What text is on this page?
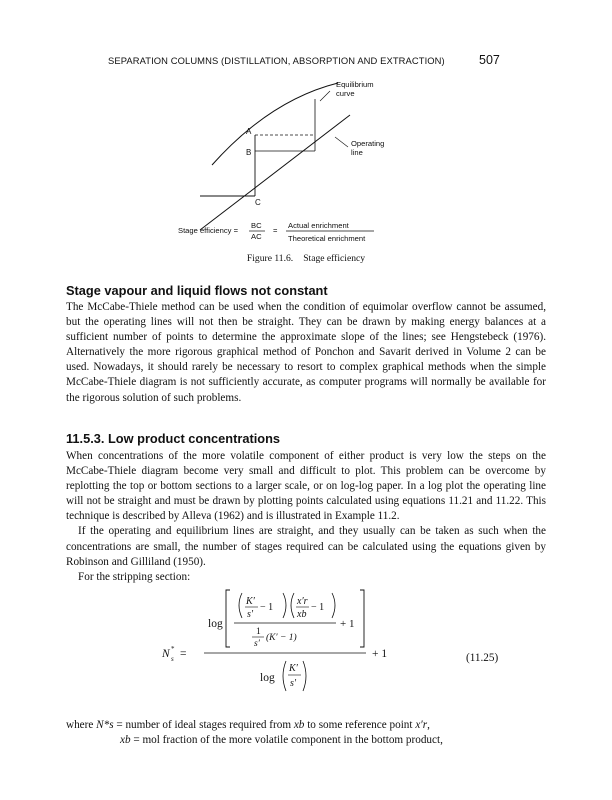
SEPARATION COLUMNS (DISTILLATION, ABSORPTION AND EXTRACTION)	507
Equilibrium
curve
Operating
line
A
B
C
Stage efficiency =
BC
AC
=
Actual enrichment
Theoretical enrichment
Figure 11.6. Stage efficiency
Stage vapour and liquid flows not constant

The McCabe-Thiele method can be used when the condition of equimolar overflow cannot be assumed, but the operating lines will not then be straight. They can be drawn by making energy balances at a sufficient number of points to determine the approximate slope of the lines; see Hengstebeck (1976). Alternatively the more rigorous graphical method of Ponchon and Savarit derived in Volume 2 can be used. Nowadays, it should rarely be necessary to resort to complex graphical methods when the simple McCabe-Thiele diagram is not sufficiently accurate, as computer programs will normally be available for the rigorous solution of such problems.

11.5.3. Low product concentrations

When concentrations of the more volatile component of either product is very low the steps on the McCabe-Thiele diagram become very small and difficult to plot. This problem can be overcome by replotting the top or bottom sections to a larger scale, or on log-log paper. In a log plot the operating line will not be straight and must be drawn by plotting points calculated using equations 11.21 and 11.22. This technique is described by Alleva (1962) and is illustrated in Example 11.2.

If the operating and equilibrium lines are straight, and they usually can be taken as such when the concentrations are small, the number of stages required can be calculated using the equations given by Robinson and Gilliland (1950).

For the stripping section:

N *
s =
log
K′
s′
− 1
x′r
xb
− 1
1
s′
(K′ − 1)
+ 1
log
K′
s′
+ 1	(11.25)
where N*s = number of ideal stages required from xb to some reference point x′r,
xb = mol fraction of the more volatile component in the bottom product,
